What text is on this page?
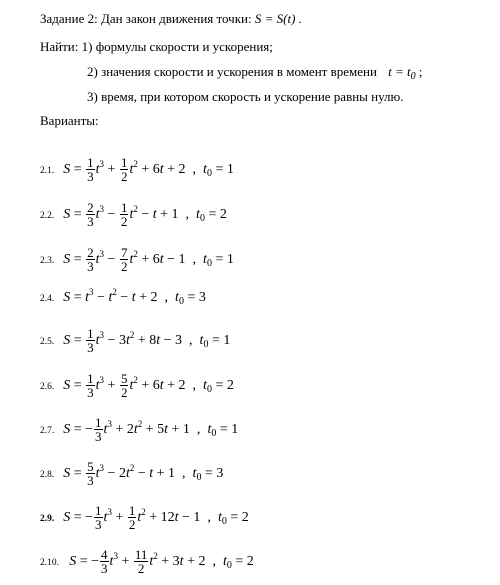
Задание 2: Дан закон движения точки: S = S(t) .
Найти: 1) формулы скорости и ускорения;
2) значения скорости и ускорения в момент времени $t = t_0$ ;
3) время, при котором скорость и ускорение равны нулю.
Варианты:
2.1. $S = \frac{1}{3} t^3 + \frac{1}{2} t^2 + 6t + 2$  ,  $t_0 = 1$
2.2. $S = \frac{2}{3} t^3 - \frac{1}{2} t^2 - t + 1$  ,  $t_0 = 2$
2.3. $S = \frac{2}{3} t^3 - \frac{7}{2} t^2 + 6t - 1$  ,  $t_0 = 1$
2.4. $S = t^3 - t^2 - t + 2$  ,  $t_0 = 3$
2.5. $S = \frac{1}{3} t^3 - 3t^2 + 8t - 3$  ,  $t_0 = 1$
2.6. $S = \frac{1}{3} t^3 + \frac{5}{2} t^2 + 6t + 2$  ,  $t_0 = 2$
2.7. S = − $\frac{1}{3} t^3 + 2t^2 + 5t + 1$  ,  $t_0 = 1$
2.8. $S = \frac{5}{3} t^3 - 2t^2 - t + 1$  ,  $t_0 = 3$
2.9. S = − $\frac{1}{3} t^3 + \frac{1}{2} t^2 + 12t - 1$  ,  $t_0 = 2$
2.10. S = − $\frac{4}{3} t^3 + \frac{11}{2} t^2 + 3t + 2$  ,  $t_0 = 2$
